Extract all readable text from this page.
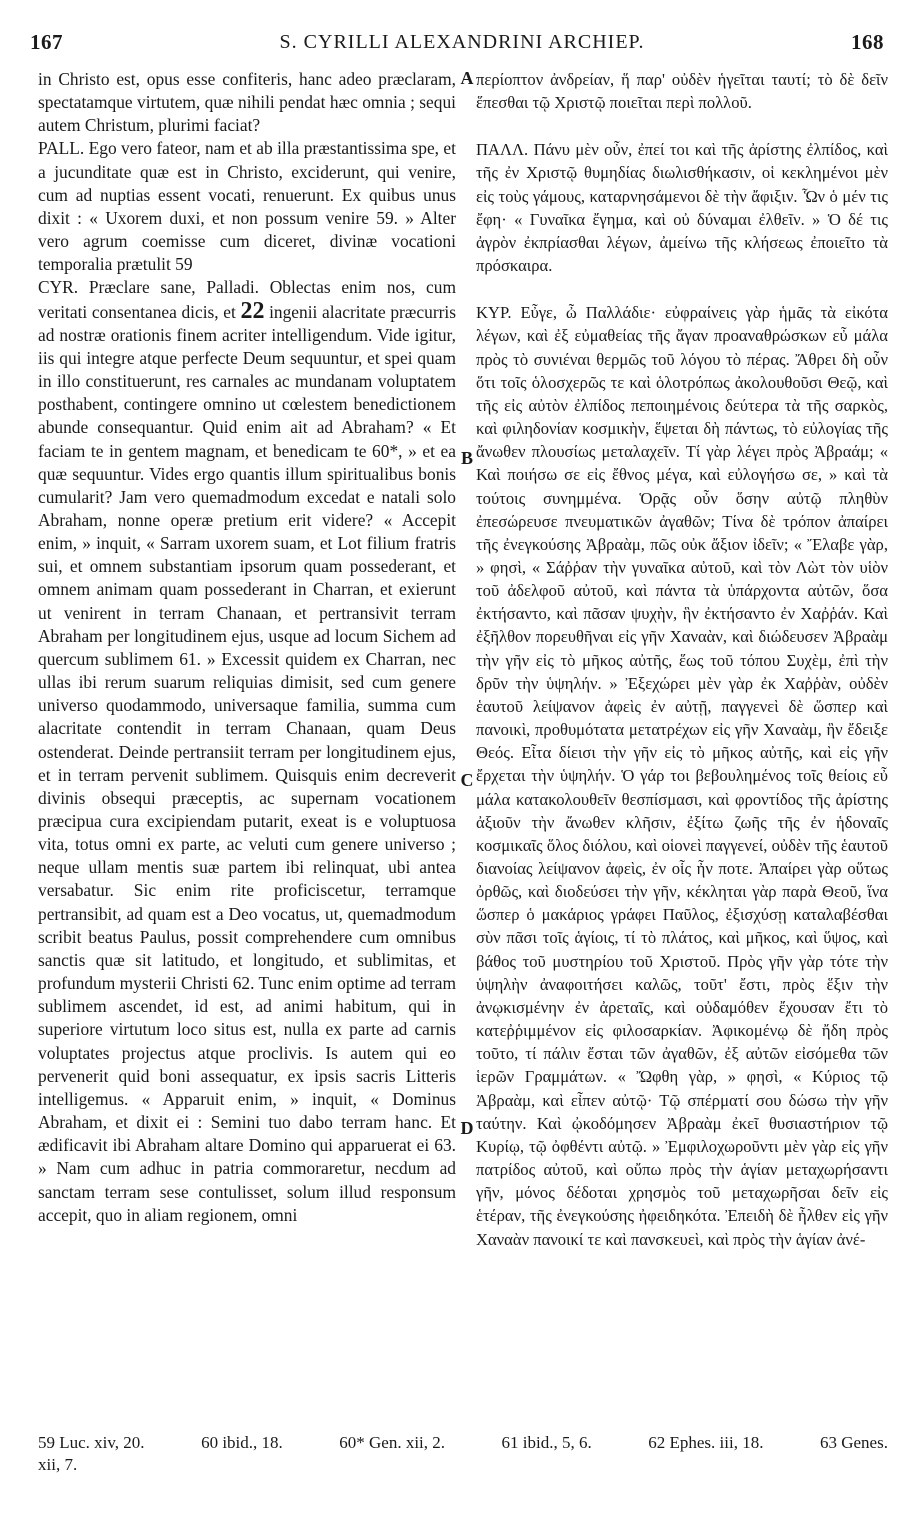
167	S. CYRILLI ALEXANDRINI ARCHIEP.	168

in Christo est, opus esse confiteris, hanc adeo præclaram, spectatamque virtutem, quæ nihili pendat hæc omnia ; sequi autem Christum, plurimi faciat?

PALL. Ego vero fateor, nam et ab illa præstantissima spe, et a jucunditate quæ est in Christo, exciderunt, qui venire, cum ad nuptias essent vocati, renuerunt. Ex quibus unus dixit : « Uxorem duxi, et non possum venire 59. » Alter vero agrum coemisse cum diceret, divinæ vocationi temporalia prætulit 59

CYR. Præclare sane, Palladi. Oblectas enim nos, cum veritati consentanea dicis, et 22 ingenii alacritate præcurris ad nostræ orationis finem acriter intelligendum. Vide igitur, iis qui integre atque perfecte Deum sequuntur, et spei quam in illo constituerunt, res carnales ac mundanam voluptatem posthabent, contingere omnino ut cœlestem benedictionem abunde consequantur. Quid enim ait ad Abraham? « Et faciam te in gentem magnam, et benedicam te 60*, » et ea quæ sequuntur. Vides ergo quantis illum spiritualibus bonis cumularit? Jam vero quemadmodum excedat e natali solo Abraham, nonne operæ pretium erit videre? « Accepit enim, » inquit, « Sarram uxorem suam, et Lot filium fratris sui, et omnem substantiam ipsorum quam possederant, et omnem animam quam possederant in Charran, et exierunt ut venirent in terram Chanaan, et pertransivit terram Abraham per longitudinem ejus, usque ad locum Sichem ad quercum sublimem 61. » Excessit quidem ex Charran, nec ullas ibi rerum suarum reliquias dimisit, sed cum genere universo quodammodo, universaque familia, summa cum alacritate contendit in terram Chanaan, quam Deus ostenderat. Deinde pertransiit terram per longitudinem ejus, et in terram pervenit sublimem. Quisquis enim decreverit divinis obsequi præceptis, ac supernam vocationem præcipua cura excipiendam putarit, exeat is e voluptuosa vita, totus omni ex parte, ac veluti cum genere universo ; neque ullam mentis suæ partem ibi relinquat, ubi antea versabatur. Sic enim rite proficiscetur, terramque pertransibit, ad quam est a Deo vocatus, ut, quemadmodum scribit beatus Paulus, possit comprehendere cum omnibus sanctis quæ sit latitudo, et longitudo, et sublimitas, et profundum mysterii Christi 62. Tunc enim optime ad terram sublimem ascendet, id est, ad animi habitum, qui in superiore virtutum loco situs est, nulla ex parte ad carnis voluptates projectus atque proclivis. Is autem qui eo pervenerit quid boni assequatur, ex ipsis sacris Litteris intelligemus. « Apparuit enim, » inquit, « Dominus Abraham, et dixit ei : Semini tuo dabo terram hanc. Et ædificavit ibi Abraham altare Domino qui apparuerat ei 63. » Nam cum adhuc in patria commoraretur, necdum ad sanctam terram sese contulisset, solum illud responsum accepit, quo in aliam regionem, omni

A
B
C
D

περίοπτον ἀνδρείαν, ἥ παρ' οὐδὲν ἡγεῖται ταυτί; τὸ δὲ δεῖν ἕπεσθαι τῷ Χριστῷ ποιεῖται περὶ πολλοῦ.

ΠΑΛΛ. Πάνυ μὲν οὖν, ἐπεί τοι καὶ τῆς ἀρίστης ἐλπίδος, καὶ τῆς ἐν Χριστῷ θυμηδίας διωλισθήκασιν, οἱ κεκλημένοι μὲν εἰς τοὺς γάμους, καταρνησάμενοι δὲ τὴν ἄφιξιν. Ὧν ὁ μέν τις ἔφη· « Γυναῖκα ἔγημα, καὶ οὐ δύναμαι ἐλθεῖν. » Ὁ δέ τις ἀγρὸν ἐκπρίασθαι λέγων, ἀμείνω τῆς κλήσεως ἐποιεῖτο τὰ πρόσκαιρα.

ΚΥΡ. Εὖγε, ὦ Παλλάδιε· εὐφραίνεις γὰρ ἡμᾶς τὰ εἰκότα λέγων, καὶ ἐξ εὐμαθείας τῆς ἄγαν προαναθρώσκων εὖ μάλα πρὸς τὸ συνιέναι θερμῶς τοῦ λόγου τὸ πέρας. Ἄθρει δὴ οὖν ὅτι τοῖς ὁλοσχερῶς τε καὶ ὁλοτρόπως ἀκολουθοῦσι Θεῷ, καὶ τῆς εἰς αὐτὸν ἐλπίδος πεποιημένοις δεύτερα τὰ τῆς σαρκὸς, καὶ φιληδονίαν κοσμικὴν, ἕψεται δὴ πάντως, τὸ εὐλογίας τῆς ἄνωθεν πλουσίως μεταλαχεῖν. Τί γὰρ λέγει πρὸς Ἀβραάμ; « Καὶ ποιήσω σε εἰς ἔθνος μέγα, καὶ εὐλογήσω σε, » καὶ τὰ τούτοις συνημμένα. Ὁρᾷς οὖν ὅσην αὐτῷ πληθὺν ἐπεσώρευσε πνευματικῶν ἀγαθῶν; Τίνα δὲ τρόπον ἀπαίρει τῆς ἐνεγκούσης Ἀβραὰμ, πῶς οὐκ ἄξιον ἰδεῖν; « Ἔλαβε γὰρ, » φησὶ, « Σάῤῥαν τὴν γυναῖκα αὐτοῦ, καὶ τὸν Λὼτ τὸν υἱὸν τοῦ ἀδελφοῦ αὐτοῦ, καὶ πάντα τὰ ὑπάρχοντα αὐτῶν, ὅσα ἐκτήσαντο, καὶ πᾶσαν ψυχὴν, ἣν ἐκτήσαντο ἐν Χαῤῥάν. Καὶ ἐξῆλθον πορευθῆναι εἰς γῆν Χαναὰν, καὶ διώδευσεν Ἀβραὰμ τὴν γῆν εἰς τὸ μῆκος αὐτῆς, ἕως τοῦ τόπου Συχὲμ, ἐπὶ τὴν δρῦν τὴν ὑψηλήν. » Ἐξεχώρει μὲν γὰρ ἐκ Χαῤῥὰν, οὐδὲν ἑαυτοῦ λείψανον ἀφεὶς ἐν αὐτῇ, παγγενεὶ δὲ ὥσπερ καὶ πανοικὶ, προθυμότατα μετατρέχων εἰς γῆν Χαναὰμ, ἣν ἔδειξε Θεός. Εἶτα δίεισι τὴν γῆν εἰς τὸ μῆκος αὐτῆς, καὶ εἰς γῆν ἔρχεται τὴν ὑψηλήν. Ὁ γάρ τοι βεβουλημένος τοῖς θείοις εὖ μάλα κατακολουθεῖν θεσπίσμασι, καὶ φροντίδος τῆς ἀρίστης ἀξιοῦν τὴν ἄνωθεν κλῆσιν, ἐξίτω ζωῆς τῆς ἐν ἡδοναῖς κοσμικαῖς ὅλος διόλου, καὶ οἱονεὶ παγγενεί, οὐδὲν τῆς ἑαυτοῦ διανοίας λείψανον ἀφεὶς, ἐν οἷς ἦν ποτε. Ἀπαίρει γὰρ οὕτως ὀρθῶς, καὶ διοδεύσει τὴν γῆν, κέκληται γὰρ παρὰ Θεοῦ, ἵνα ὥσπερ ὁ μακάριος γράφει Παῦλος, ἐξισχύσῃ καταλαβέσθαι σὺν πᾶσι τοῖς ἁγίοις, τί τὸ πλάτος, καὶ μῆκος, καὶ ὕψος, καὶ βάθος τοῦ μυστηρίου τοῦ Χριστοῦ. Πρὸς γῆν γὰρ τότε τὴν ὑψηλὴν ἀναφοιτήσει καλῶς, τοῦτ' ἔστι, πρὸς ἕξιν τὴν ἀνῳκισμένην ἐν ἀρεταῖς, καὶ οὐδαμόθεν ἔχουσαν ἔτι τὸ κατεῤῥιμμένον εἰς φιλοσαρκίαν. Ἀφικομένῳ δὲ ἤδη πρὸς τοῦτο, τί πάλιν ἔσται τῶν ἀγαθῶν, ἐξ αὐτῶν εἰσόμεθα τῶν ἱερῶν Γραμμάτων. « Ὤφθη γὰρ, » φησὶ, « Κύριος τῷ Ἀβραὰμ, καὶ εἶπεν αὐτῷ· Τῷ σπέρματί σου δώσω τὴν γῆν ταύτην. Καὶ ᾠκοδόμησεν Ἀβραὰμ ἐκεῖ θυσιαστήριον τῷ Κυρίῳ, τῷ ὀφθέντι αὐτῷ. » Ἐμφιλοχωροῦντι μὲν γὰρ εἰς γῆν πατρίδος αὐτοῦ, καὶ οὔπω πρὸς τὴν ἁγίαν μεταχωρήσαντι γῆν, μόνος δέδοται χρησμὸς τοῦ μεταχωρῆσαι δεῖν εἰς ἑτέραν, τῆς ἐνεγκούσης ἠφειδηκότα. Ἐπειδὴ δὲ ἦλθεν εἰς γῆν Χαναὰν πανοικί τε καὶ πανσκευεὶ, καὶ πρὸς τὴν ἁγίαν ἀνέ-

59 Luc. xiv, 20.	60 ibid., 18.	60* Gen. xii, 2.	61 ibid., 5, 6.	62 Ephes. iii, 18.	63 Genes.
xii, 7.
